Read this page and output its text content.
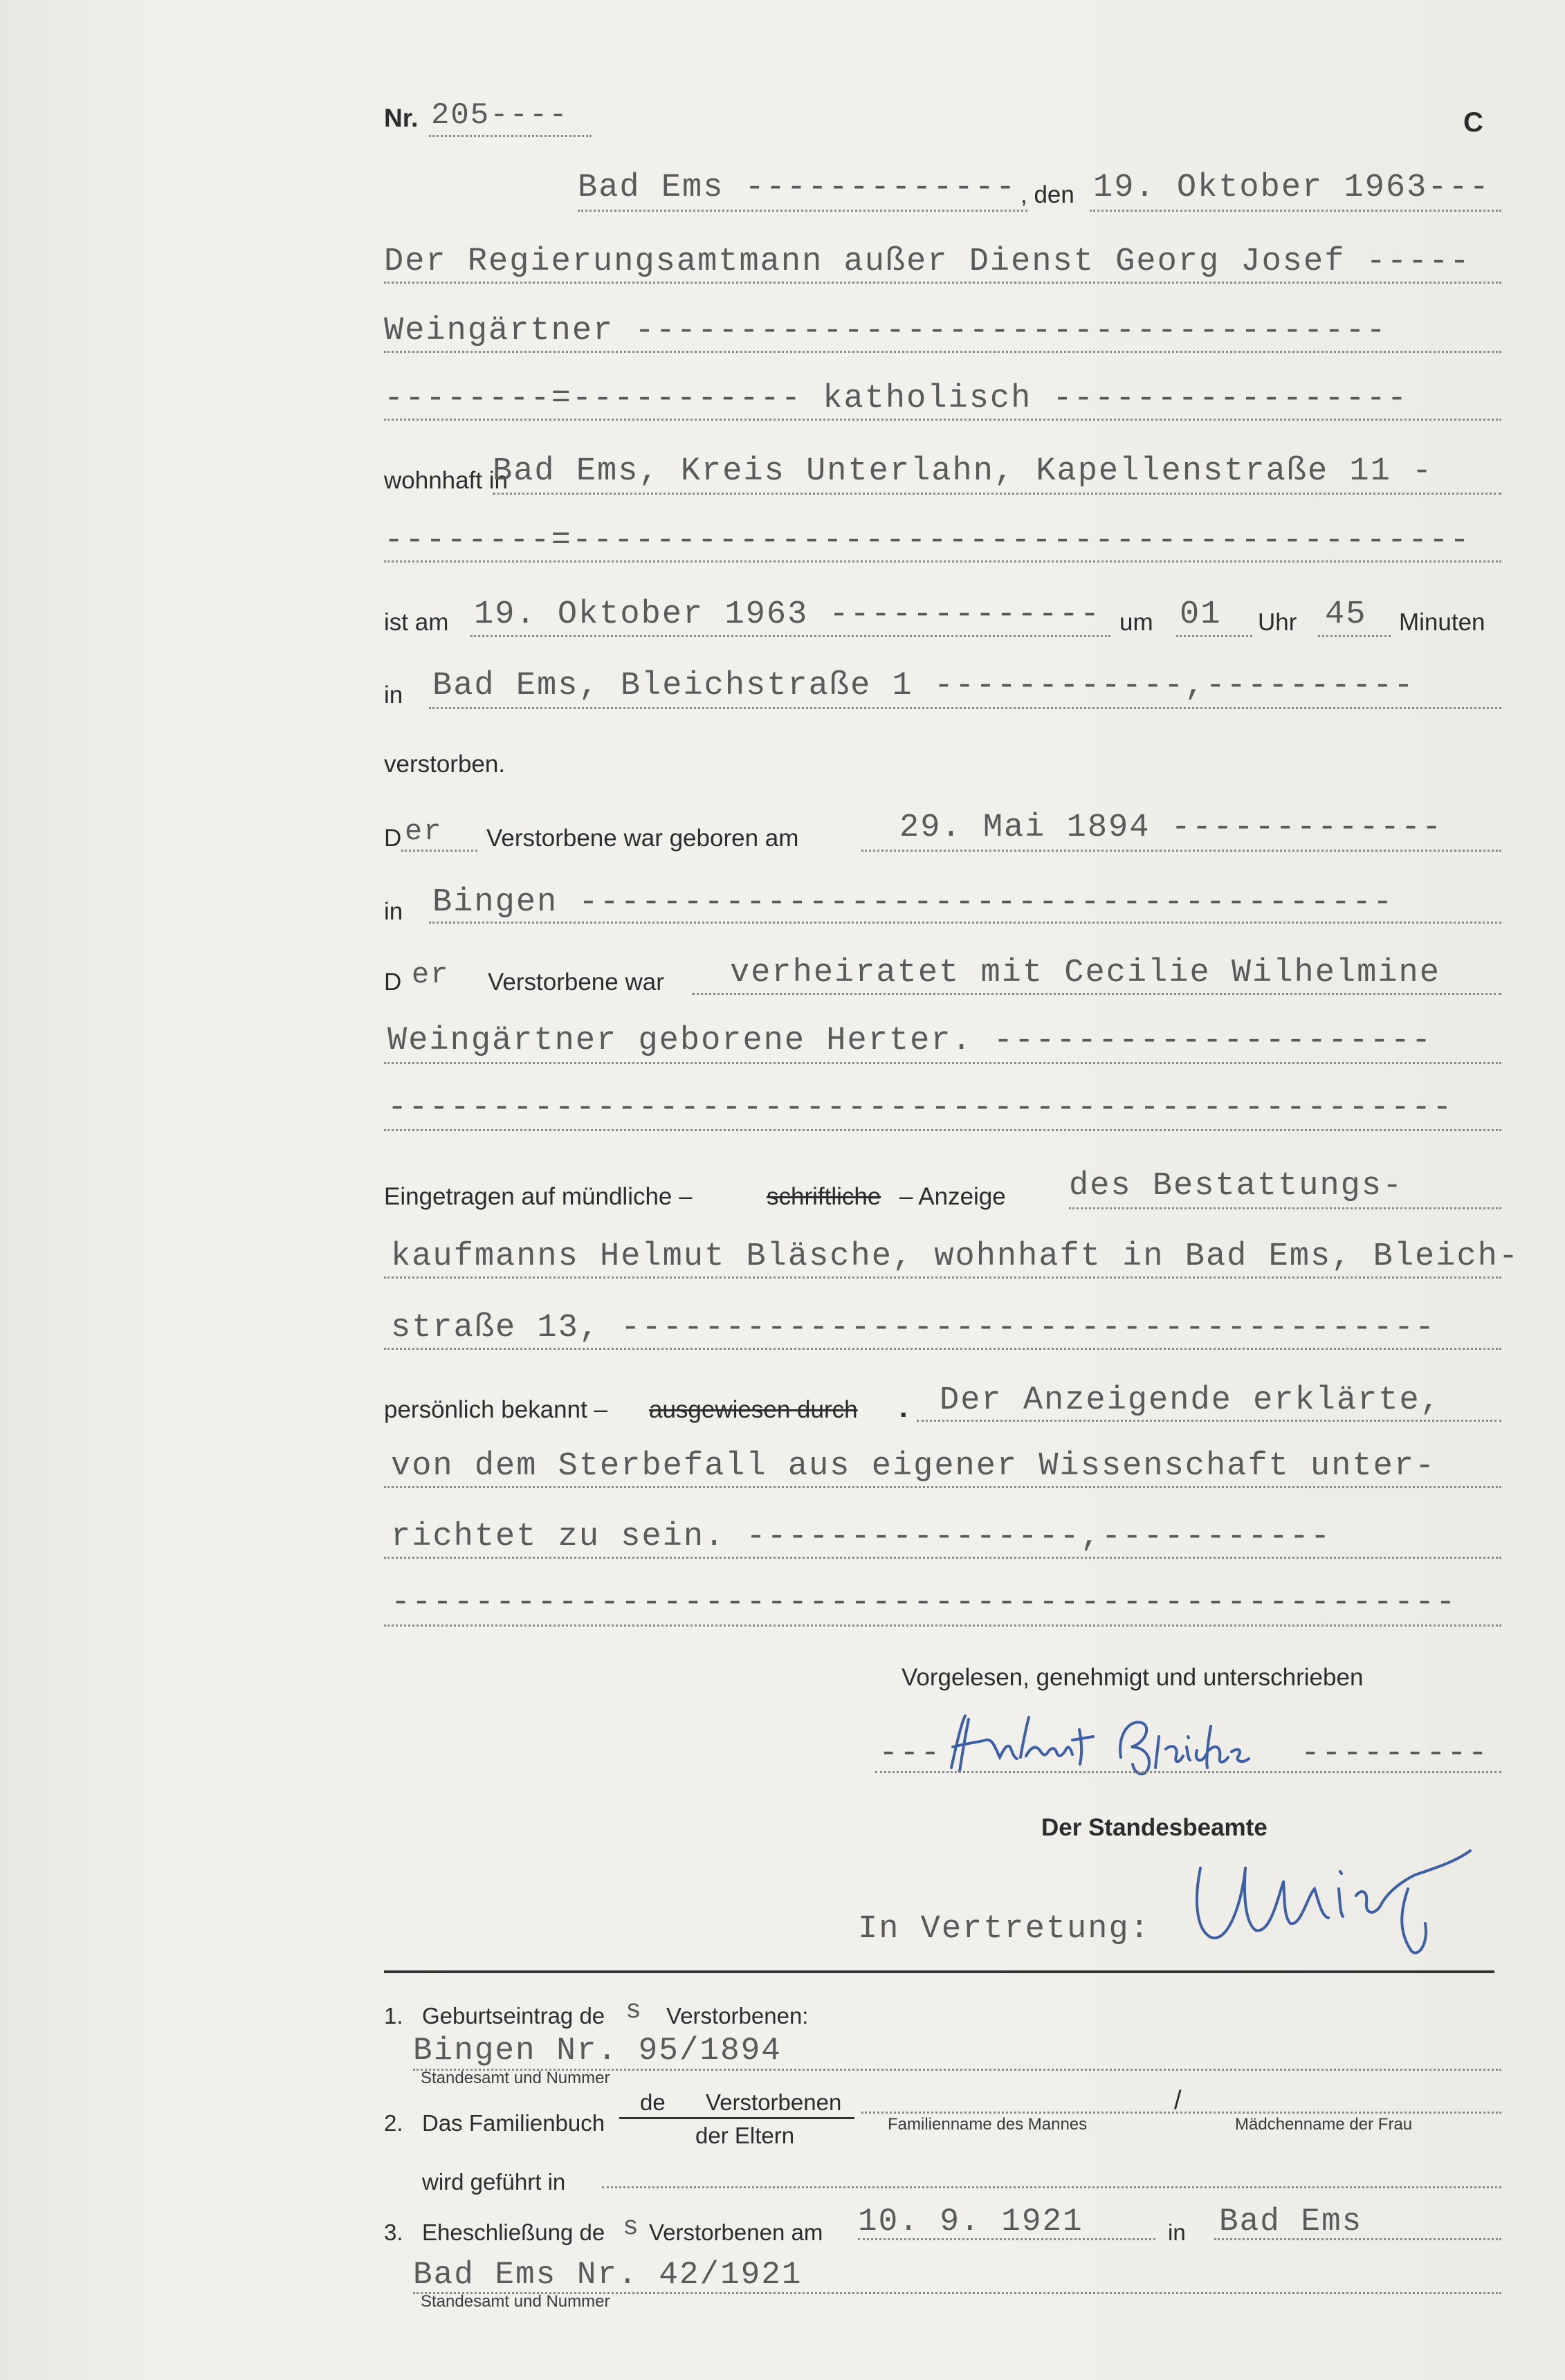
Nr. 205----	C
Bad Ems ------------- , den 19. Oktober 1963---
Der Regierungsamtmann außer Dienst Georg Josef -----
Weingärtner ------------------------------------
--------=----------- katholisch -----------------
wohnhaft in
Bad Ems, Kreis Unterlahn, Kapellenstraße 11 -
--------=-------------------------------------------
ist am 19. Oktober 1963 ------------- um 01 Uhr 45 Minuten
in Bad Ems, Bleichstraße 1 ------------,----------
verstorben.
D er Verstorbene war geboren am	29. Mai 1894 -------------
in Bingen ---------------------------------------
D er Verstorbene war verheiratet mit Cecilie Wilhelmine
Weingärtner geborene Herter. ---------------------
---------------------------------------------------
Eingetragen auf mündliche –	schriftliche – Anzeige des Bestattungs-
kaufmanns Helmut Bläsche, wohnhaft in Bad Ems, Bleich-
straße 13, ---------------------------------------
persönlich bekannt – ausgewiesen durch . Der Anzeigende erklärte,
von dem Sterbefall aus eigener Wissenschaft unter-
richtet zu sein. ----------------,-----------
---------------------------------------------------
Vorgelesen, genehmigt und unterschrieben
---	---------
Der Standesbeamte
In Vertretung:
1. Geburtseintrag de s Verstorbenen:
Bingen Nr. 95/1894
Standesamt und Nummer
2. Das Familienbuch
de Verstorbenen
der Eltern	Familienname des Mannes
/
Mädchenname der Frau
wird geführt in
3. Eheschließung de s Verstorbenen am 10. 9. 1921	in Bad Ems
Bad Ems Nr. 42/1921
Standesamt und Nummer
